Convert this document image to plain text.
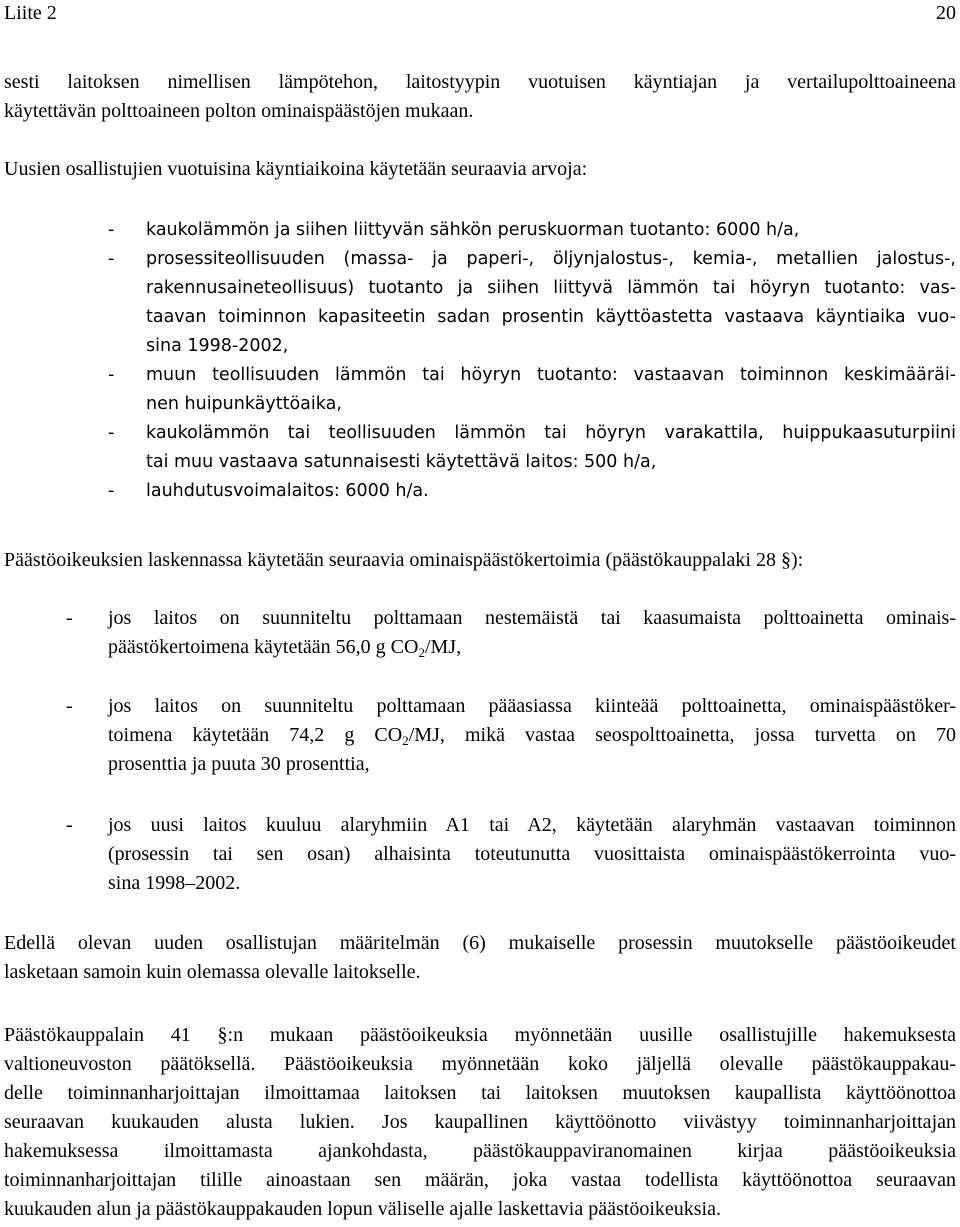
Liite 2	20
sesti laitoksen nimellisen lämpötehon, laitostyypin vuotuisen käyntiajan ja vertailupolttoaineena
käytettävän polttoaineen polton ominaispäästöjen mukaan.
Uusien osallistujien vuotuisina käyntiaikoina käytetään seuraavia arvoja:
- kaukolämmön ja siihen liittyvän sähkön peruskuorman tuotanto: 6000 h/a,
- prosessiteollisuuden (massa- ja paperi-, öljynjalostus-, kemia-, metallien jalostus-,
rakennusaineteollisuus) tuotanto ja siihen liittyvä lämmön tai höyryn tuotanto: vas-
taavan toiminnon kapasiteetin sadan prosentin käyttöastetta vastaava käyntiaika vuo-
sina 1998-2002,
- muun teollisuuden lämmön tai höyryn tuotanto: vastaavan toiminnon keskimääräi-
nen huipunkäyttöaika,
- kaukolämmön tai teollisuuden lämmön tai höyryn varakattila, huippukaasuturpiini
tai muu vastaava satunnaisesti käytettävä laitos: 500 h/a,
- lauhdutusvoimalaitos: 6000 h/a.
Päästöoikeuksien laskennassa käytetään seuraavia ominaispäästökertoimia (päästökauppalaki 28 §):
- jos laitos on suunniteltu polttamaan nestemäistä tai kaasumaista polttoainetta ominais-
päästökertoimena käytetään 56,0 g $CO_2/MJ$,
- jos laitos on suunniteltu polttamaan pääasiassa kiinteää polttoainetta, ominaispäästöker-
toimena käytetään 74,2 g $CO_2/MJ$, mikä vastaa seospolttoainetta, jossa turvetta on 70
prosenttia ja puuta 30 prosenttia,
- jos uusi laitos kuuluu alaryhmiin A1 tai A2, käytetään alaryhmän vastaavan toiminnon
(prosessin tai sen osan) alhaisinta toteutunutta vuosittaista ominaispäästökerrointa vuo-
sina 1998–2002.
Edellä olevan uuden osallistujan määritelmän (6) mukaiselle prosessin muutokselle päästöoikeudet
lasketaan samoin kuin olemassa olevalle laitokselle.
Päästökauppalain 41 §:n mukaan päästöoikeuksia myönnetään uusille osallistujille hakemuksesta
valtioneuvoston päätöksellä. Päästöoikeuksia myönnetään koko jäljellä olevalle päästökauppakau-
delle toiminnanharjoittajan ilmoittamaa laitoksen tai laitoksen muutoksen kaupallista käyttöönottoa
seuraavan kuukauden alusta lukien. Jos kaupallinen käyttöönotto viivästyy toiminnanharjoittajan
hakemuksessa ilmoittamasta ajankohdasta, päästökauppaviranomainen kirjaa päästöoikeuksia
toiminnanharjoittajan tilille ainoastaan sen määrän, joka vastaa todellista käyttöönottoa seuraavan
kuukauden alun ja päästökauppakauden lopun väliselle ajalle laskettavia päästöoikeuksia.
